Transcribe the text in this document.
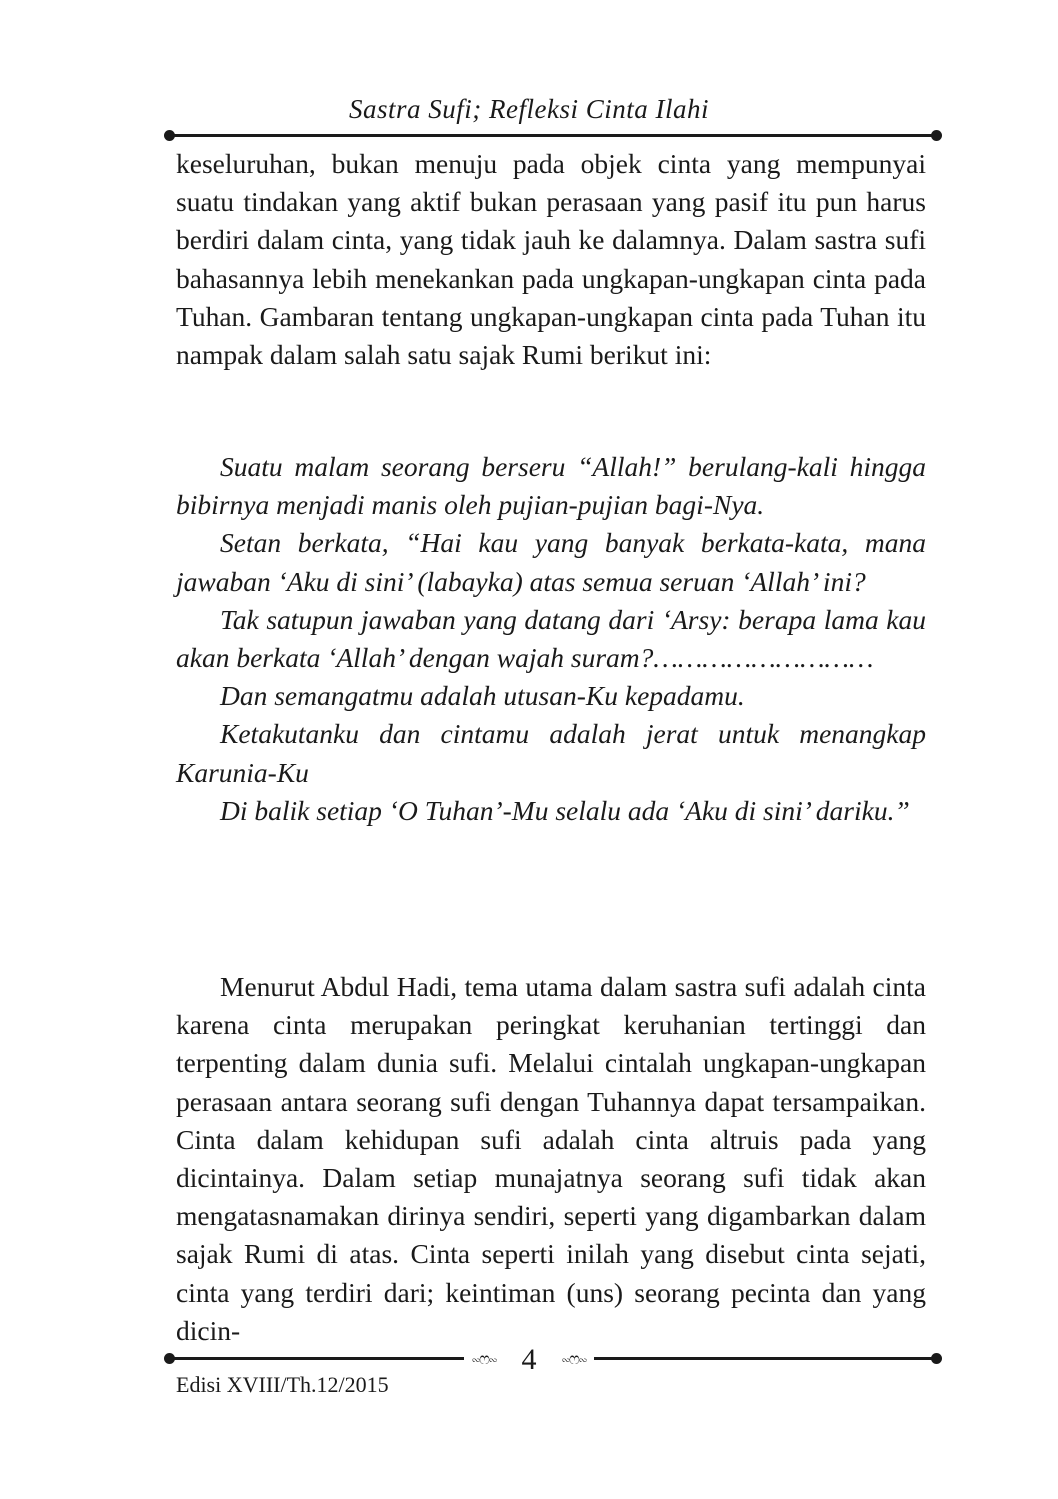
Sastra Sufi; Refleksi Cinta Ilahi

keseluruhan, bukan menuju pada objek cinta yang mempunyai suatu tindakan yang aktif bukan perasaan yang pasif itu pun harus berdiri dalam cinta, yang tidak jauh ke dalamnya. Dalam sastra sufi bahasannya lebih menekankan pada ungkapan-ungkapan cinta pada Tuhan. Gambaran tentang ungkapan-ungkapan cinta pada Tuhan itu nampak dalam salah satu sajak Rumi berikut ini:

Suatu malam seorang berseru “Allah!” berulang-kali hingga bibirnya menjadi manis oleh pujian-pujian bagi-Nya.

Setan berkata, “Hai kau yang banyak berkata-kata, mana jawaban ‘Aku di sini’ (labayka) atas semua seruan ‘Allah’ ini?

Tak satupun jawaban yang datang dari ‘Arsy: berapa lama kau akan berkata ‘Allah’ dengan wajah suram?………………………

Dan semangatmu adalah utusan-Ku kepadamu.

Ketakutanku dan cintamu adalah jerat untuk menangkap Karunia-Ku

Di balik setiap ‘O Tuhan’-Mu selalu ada ‘Aku di sini’ dariku.”

Menurut Abdul Hadi, tema utama dalam sastra sufi adalah cinta karena cinta merupakan peringkat keruhanian tertinggi dan terpenting dalam dunia sufi. Melalui cintalah ungkapan-ungkapan perasaan antara seorang sufi dengan Tuhannya dapat tersampaikan. Cinta dalam kehidupan sufi adalah cinta altruis pada yang dicintainya. Dalam setiap munajatnya seorang sufi tidak akan mengatasnamakan dirinya sendiri, seperti yang digambarkan dalam sajak Rumi di atas. Cinta seperti inilah yang disebut cinta sejati, cinta yang terdiri dari; keintiman (uns) seorang pecinta dan yang dicin-

∾ෆ∾ 4 ∾ෆ∾
Edisi XVIII/Th.12/2015
